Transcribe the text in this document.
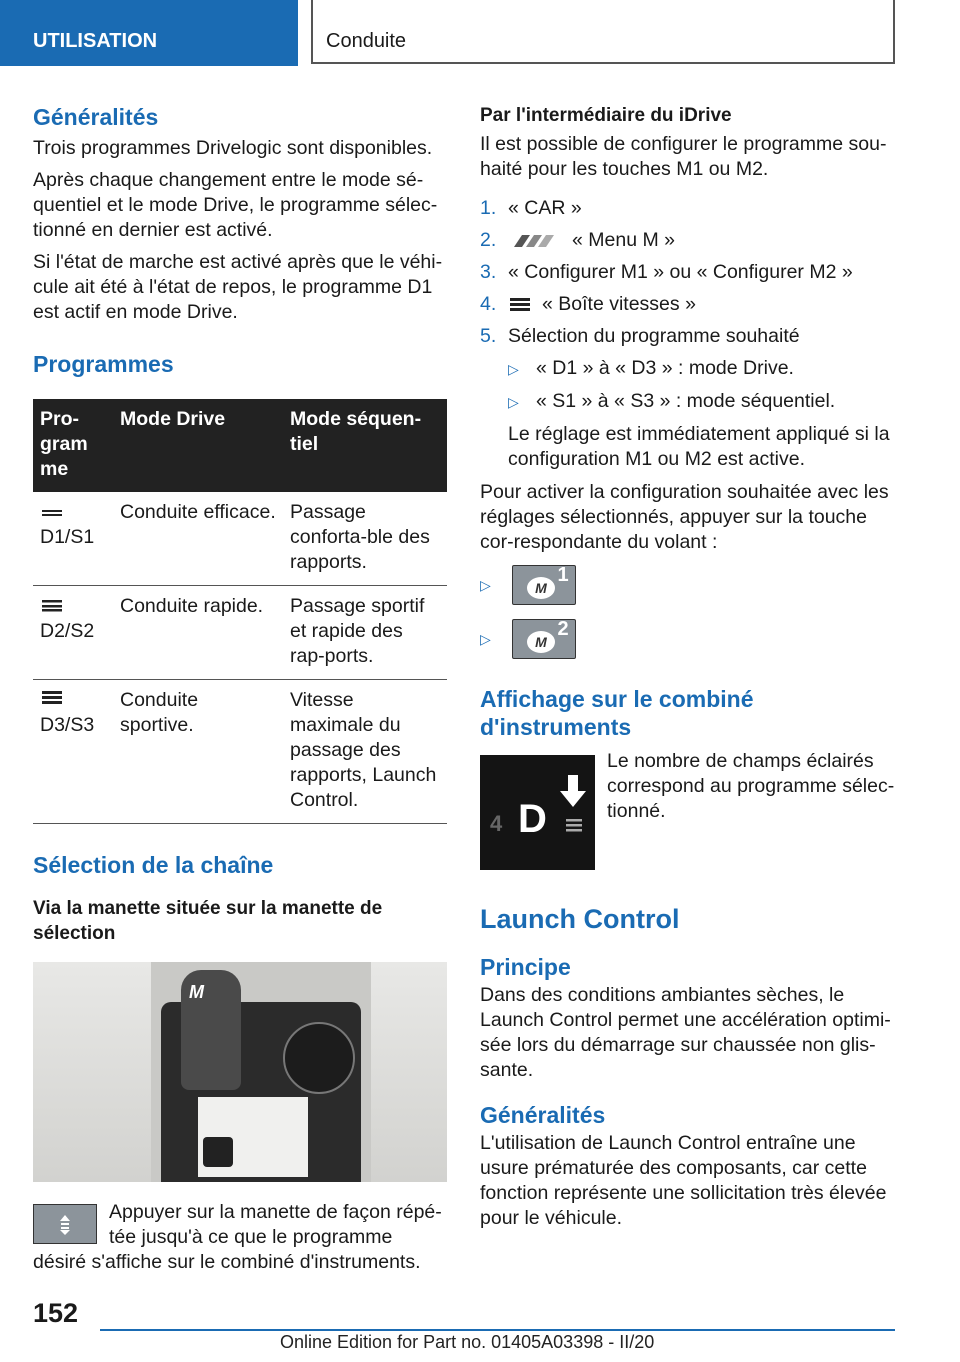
UTILISATION	Conduite
Généralités

Trois programmes Drivelogic sont disponibles.

Après chaque changement entre le mode sé-quentiel et le mode Drive, le programme sélec-tionné en dernier est activé.

Si l'état de marche est activé après que le véhi-cule ait été à l'état de repos, le programme D1 est actif en mode Drive.

Programmes
Pro-gram me	Mode Drive	Mode séquen-tiel

D1/S1	Conduite efficace.	Passage conforta-ble des rapports.

D2/S2	Conduite rapide.	Passage sportif et rapide des rap-ports.

D3/S3	Conduite sportive.	Vitesse maximale du passage des rapports, Launch Control.
Sélection de la chaîne

Via la manette située sur la manette de sélection

M

Appuyer sur la manette de façon répé-tée jusqu'à ce que le programme désiré s'affiche sur le combiné d'instruments.

Par l'intermédiaire du iDrive

Il est possible de configurer le programme sou-haité pour les touches M1 ou M2.

1. « CAR »
2.	« Menu M »
3. « Configurer M1 » ou « Configurer M2 »
4. « Boîte vitesses »
5. Sélection du programme souhaité
▷ « D1 » à « D3 » : mode Drive.
▷ « S1 » à « S3 » : mode séquentiel.

Le réglage est immédiatement appliqué si la configuration M1 ou M2 est active.

Pour activer la configuration souhaitée avec les réglages sélectionnés, appuyer sur la touche cor-respondante du volant :

▷	M
1
▷	M
2
Affichage sur le combiné d'instruments
4 D

Le nombre de champs éclairés correspond au programme sélec-tionné.

Launch Control
Principe

Dans des conditions ambiantes sèches, le Launch Control permet une accélération optimi-sée lors du démarrage sur chaussée non glis-sante.

Généralités

L'utilisation de Launch Control entraîne une usure prématurée des composants, car cette fonction représente une sollicitation très élevée pour le véhicule.

152
Online Edition for Part no. 01405A03398 - II/20
